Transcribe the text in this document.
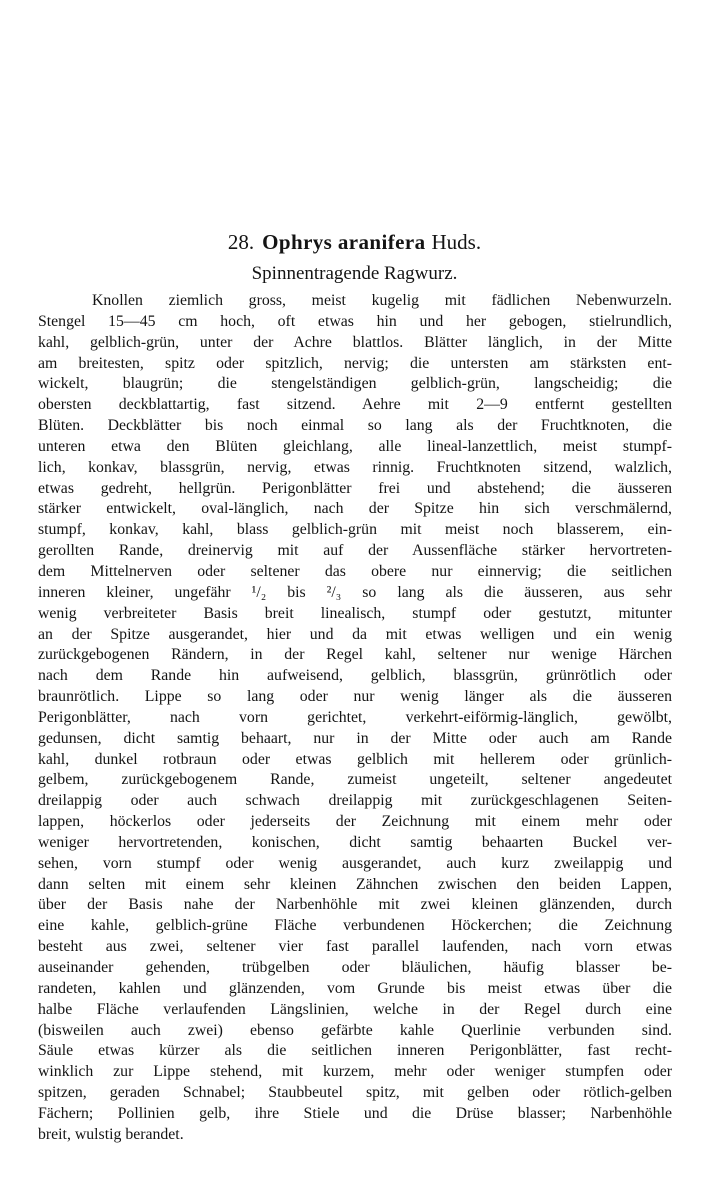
28. Ophrys aranifera Huds.
Spinnentragende Ragwurz.
Knollen ziemlich gross, meist kugelig mit fädlichen Nebenwurzeln.
Stengel 15—45 cm hoch, oft etwas hin und her gebogen, stielrundlich,
kahl, gelblich-grün, unter der Achre blattlos. Blätter länglich, in der Mitte
am breitesten, spitz oder spitzlich, nervig; die untersten am stärksten ent-
wickelt, blaugrün; die stengelständigen gelblich-grün, langscheidig; die
obersten deckblattartig, fast sitzend. Aehre mit 2—9 entfernt gestellten
Blüten. Deckblätter bis noch einmal so lang als der Fruchtknoten, die
unteren etwa den Blüten gleichlang, alle lineal-lanzettlich, meist stumpf-
lich, konkav, blassgrün, nervig, etwas rinnig. Fruchtknoten sitzend, walzlich,
etwas gedreht, hellgrün. Perigonblätter frei und abstehend; die äusseren
stärker entwickelt, oval-länglich, nach der Spitze hin sich verschmälernd,
stumpf, konkav, kahl, blass gelblich-grün mit meist noch blasserem, ein-
gerollten Rande, dreinervig mit auf der Aussenfläche stärker hervortreten-
dem Mittelnerven oder seltener das obere nur einnervig; die seitlichen
inneren kleiner, ungefähr ¹/₂ bis ²/₃ so lang als die äusseren, aus sehr
wenig verbreiteter Basis breit linealisch, stumpf oder gestutzt, mitunter
an der Spitze ausgerandet, hier und da mit etwas welligen und ein wenig
zurückgebogenen Rändern, in der Regel kahl, seltener nur wenige Härchen
nach dem Rande hin aufweisend, gelblich, blassgrün, grünrötlich oder
braunrötlich. Lippe so lang oder nur wenig länger als die äusseren
Perigonblätter, nach vorn gerichtet, verkehrt-eiförmig-länglich, gewölbt,
gedunsen, dicht samtig behaart, nur in der Mitte oder auch am Rande
kahl, dunkel rotbraun oder etwas gelblich mit hellerem oder grünlich-
gelbem, zurückgebogenem Rande, zumeist ungeteilt, seltener angedeutet
dreilappig oder auch schwach dreilappig mit zurückgeschlagenen Seiten-
lappen, höckerlos oder jederseits der Zeichnung mit einem mehr oder
weniger hervortretenden, konischen, dicht samtig behaarten Buckel ver-
sehen, vorn stumpf oder wenig ausgerandet, auch kurz zweilappig und
dann selten mit einem sehr kleinen Zähnchen zwischen den beiden Lappen,
über der Basis nahe der Narbenhöhle mit zwei kleinen glänzenden, durch
eine kahle, gelblich-grüne Fläche verbundenen Höckerchen; die Zeichnung
besteht aus zwei, seltener vier fast parallel laufenden, nach vorn etwas
auseinander gehenden, trübgelben oder bläulichen, häufig blasser be-
randeten, kahlen und glänzenden, vom Grunde bis meist etwas über die
halbe Fläche verlaufenden Längslinien, welche in der Regel durch eine
(bisweilen auch zwei) ebenso gefärbte kahle Querlinie verbunden sind.
Säule etwas kürzer als die seitlichen inneren Perigonblätter, fast recht-
winklich zur Lippe stehend, mit kurzem, mehr oder weniger stumpfen oder
spitzen, geraden Schnabel; Staubbeutel spitz, mit gelben oder rötlich-gelben
Fächern; Pollinien gelb, ihre Stiele und die Drüse blasser; Narbenhöhle
breit, wulstig berandet.
